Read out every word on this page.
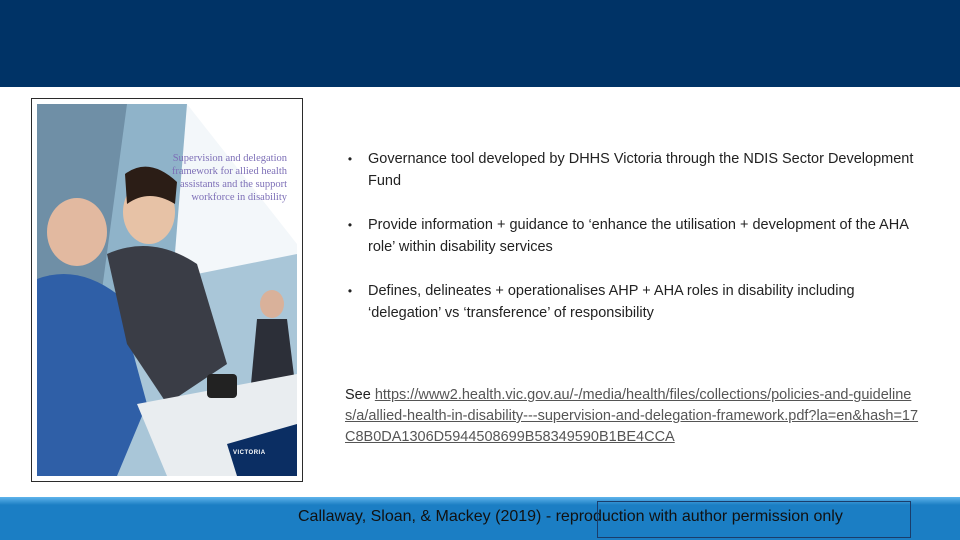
Supervision and delegation
framework for allied health
assistants and the support
workforce in disability
VICTORIA
• Governance tool developed by DHHS Victoria through the NDIS Sector Development Fund
• Provide information + guidance to ‘enhance the utilisation + development of the AHA role’ within disability services
• Defines, delineates + operationalises AHP + AHA roles in disability including ‘delegation’ vs ‘transference’ of responsibility
See https://www2.health.vic.gov.au/-/media/health/files/collections/policies-and-guidelines/a/allied-health-in-disability---supervision-and-delegation-framework.pdf?la=en&hash=17C8B0DA1306D5944508699B58349590B1BE4CCA
Callaway, Sloan, & Mackey (2019) - reproduction with author permission only
